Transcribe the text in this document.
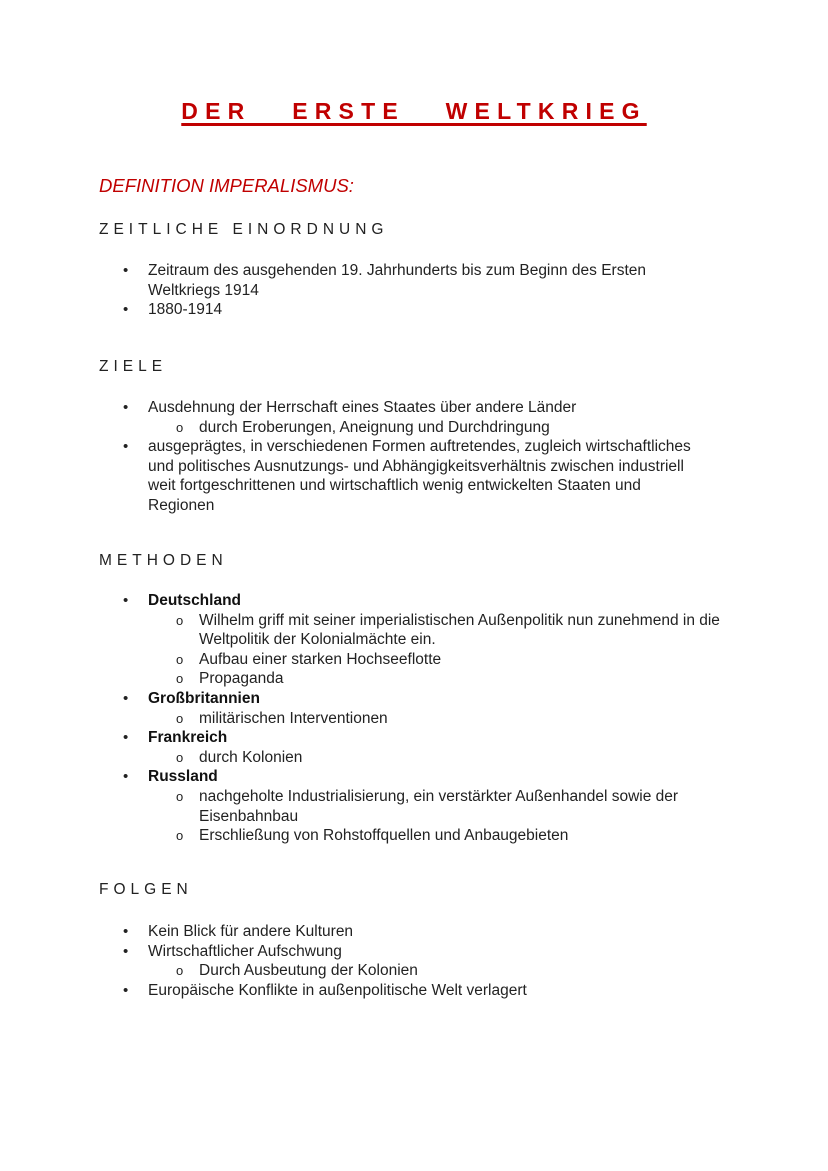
DER   ERSTE   WELTKRIEG
DEFINITION IMPERALISMUS:
ZEITLICHE EINORDNUNG
• Zeitraum des ausgehenden 19. Jahrhunderts bis zum Beginn des Ersten Weltkriegs 1914
• 1880-1914
ZIELE
• Ausdehnung der Herrschaft eines Staates über andere Länder
o durch Eroberungen, Aneignung und Durchdringung
• ausgeprägtes, in verschiedenen Formen auftretendes, zugleich wirtschaftliches und politisches Ausnutzungs- und Abhängigkeitsverhältnis zwischen industriell weit fortgeschrittenen und wirtschaftlich wenig entwickelten Staaten und Regionen
METHODEN
• Deutschland
o Wilhelm griff mit seiner imperialistischen Außenpolitik nun zunehmend in die Weltpolitik der Kolonialmächte ein.
o Aufbau einer starken Hochseeflotte
o Propaganda
• Großbritannien
o militärischen Interventionen
• Frankreich
o durch Kolonien
• Russland
o nachgeholte Industrialisierung, ein verstärkter Außenhandel sowie der Eisenbahnbau
o Erschließung von Rohstoffquellen und Anbaugebieten
FOLGEN
• Kein Blick für andere Kulturen
• Wirtschaftlicher Aufschwung
o Durch Ausbeutung der Kolonien
• Europäische Konflikte in außenpolitische Welt verlagert
